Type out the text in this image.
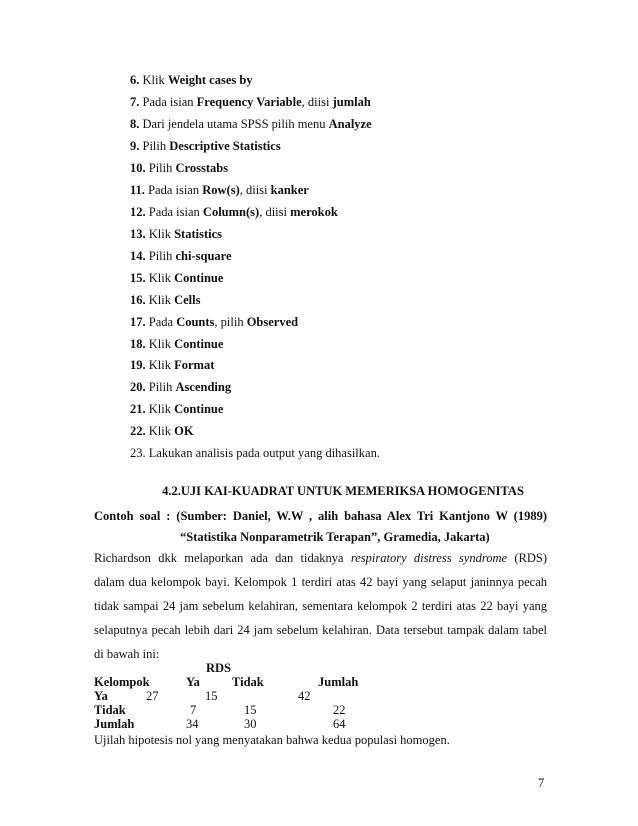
6. Klik Weight cases by
7. Pada isian Frequency Variable, diisi jumlah
8. Dari jendela utama SPSS pilih menu Analyze
9. Pilih Descriptive Statistics
10. Pilih Crosstabs
11. Pada isian Row(s), diisi kanker
12. Pada isian Column(s), diisi merokok
13. Klik Statistics
14. Pilih chi-square
15. Klik Continue
16. Klik Cells
17. Pada Counts, pilih Observed
18. Klik Continue
19. Klik Format
20. Pilih Ascending
21. Klik Continue
22. Klik OK
23. Lakukan analisis pada output yang dihasilkan.
4.2.UJI KAI-KUADRAT UNTUK MEMERIKSA HOMOGENITAS
Contoh soal : (Sumber: Daniel, W.W , alih bahasa Alex Tri Kantjono W (1989)
“Statistika Nonparametrik Terapan”, Gramedia, Jakarta)
Richardson dkk melaporkan ada dan tidaknya respiratory distress syndrome (RDS)
dalam dua kelompok bayi. Kelompok 1 terdiri atas 42 bayi yang selaput janinnya pecah
tidak sampai 24 jam sebelum kelahiran, sementara kelompok 2 terdiri atas 22 bayi yang
selaputnya pecah lebih dari 24 jam sebelum kelahiran. Data tersebut tampak dalam tabel
di bawah ini:
RDS
Kelompok	Ya	Tidak	Jumlah
Ya	27	15	42
Tidak	7	15	22
Jumlah	34	30	64
Ujilah hipotesis nol yang menyatakan bahwa kedua populasi homogen.
7
